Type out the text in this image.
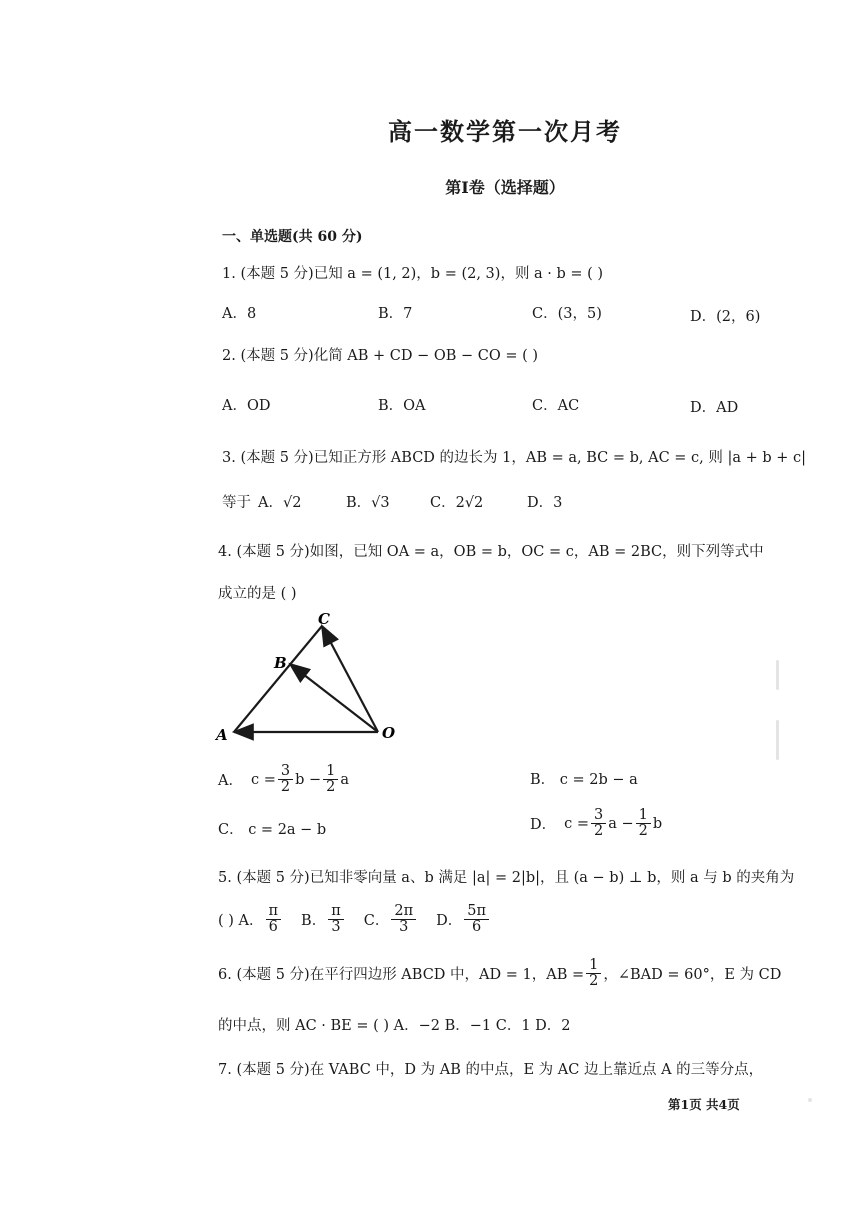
高一数学第一次月考
第Ⅰ卷（选择题）
一、单选题(共 60 分)
1. (本题 5 分)已知 a = (1, 2)，b = (2, 3)，则 a · b = ( )
A．8	B．7	C．(3，5)	D．(2，6)
2. (本题 5 分)化简 AB + CD − OB − CO = ( )
A．OD	B．OA	C．AC	D．AD
3. (本题 5 分)已知正方形 ABCD 的边长为 1，AB = a, BC = b, AC = c, 则 |a + b + c|
等于 A．√2	B．√3	C．2√2	D．3
4. (本题 5 分)如图，已知 OA = a，OB = b，OC = c，AB = 2BC，则下列等式中
成立的是 ( )
C
B
A	O
A． $c = \frac{3}{2}$ $b - \frac{1}{2}$ a	B． c = 2b − a
C． c = 2a − b	D． $c = \frac{3}{2}$ $a - \frac{1}{2}$ b
5. (本题 5 分)已知非零向量 a、b 满足 |a| = 2|b|，且 (a − b) ⊥ b，则 a 与 b 的夹角为
( ) A． $\frac{\pi}{6}$ B． $\frac{\pi}{3}$ C． $\frac{2\pi}{3}$ D． $\frac{5\pi}{6}$
6. (本题 5 分)在平行四边形 ABCD 中，AD = 1，AB = $\frac{1}{2}$ ，∠BAD = 60°，E 为 CD
的中点，则 AC · BE = ( ) A．−2 B．−1 C．1 D．2
7. (本题 5 分)在 VABC 中，D 为 AB 的中点，E 为 AC 边上靠近点 A 的三等分点，
第1页 共4页
